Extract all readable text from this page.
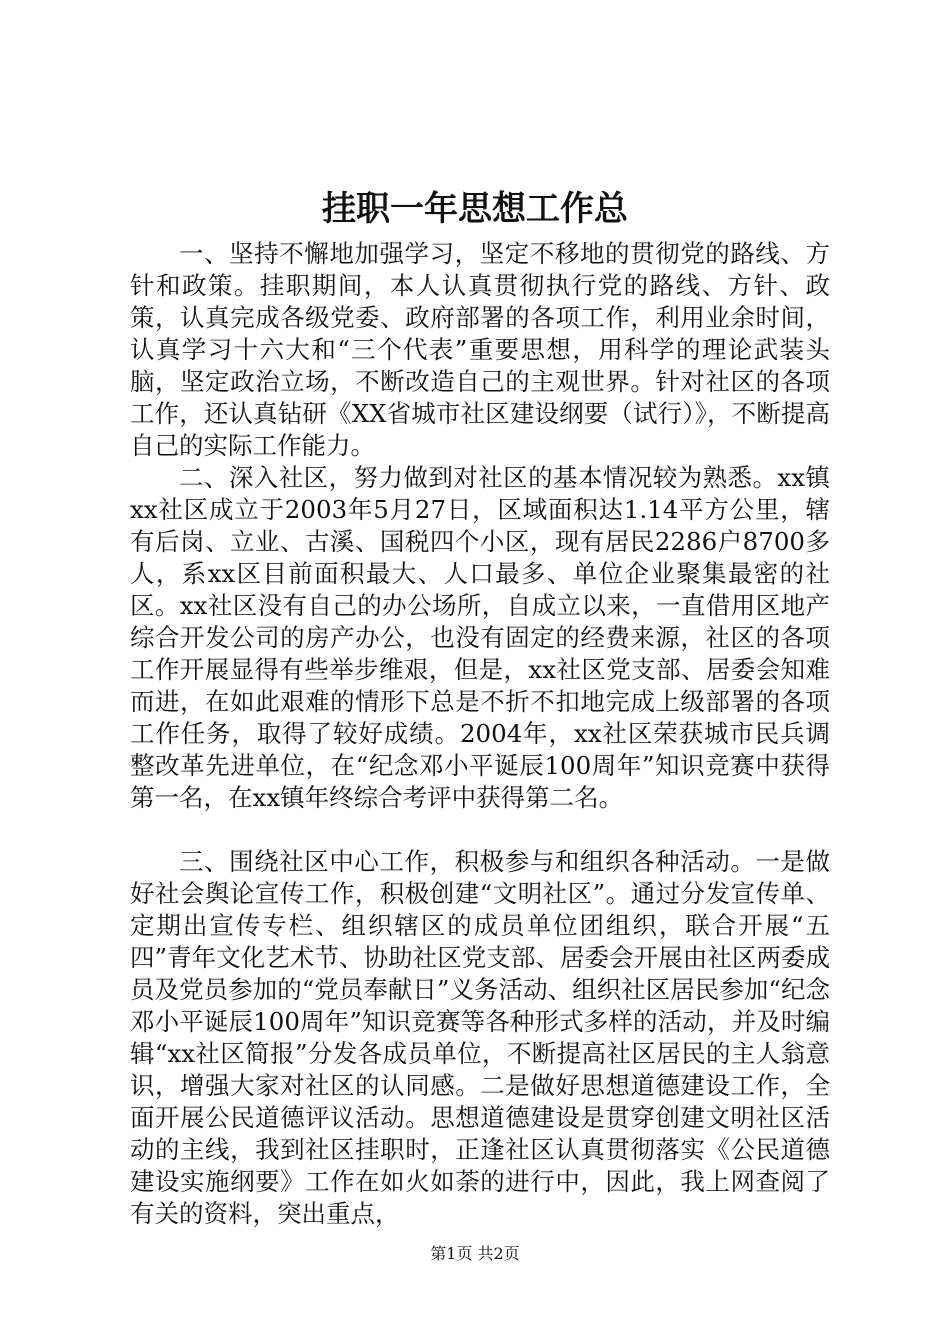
挂职一年思想工作总

一、坚持不懈地加强学习，坚定不移地的贯彻党的路线、方针和政策。挂职期间，本人认真贯彻执行党的路线、方针、政策，认真完成各级党委、政府部署的各项工作，利用业余时间，认真学习十六大和“三个代表”重要思想，用科学的理论武装头脑，坚定政治立场，不断改造自己的主观世界。针对社区的各项工作，还认真钻研《XX省城市社区建设纲要（试行）》，不断提高自己的实际工作能力。

二、深入社区，努力做到对社区的基本情况较为熟悉。xx镇xx社区成立于2003年5月27日，区域面积达1.14平方公里，辖有后岗、立业、古溪、国税四个小区，现有居民2286户8700多人，系xx区目前面积最大、人口最多、单位企业聚集最密的社区。xx社区没有自己的办公场所，自成立以来，一直借用区地产综合开发公司的房产办公，也没有固定的经费来源，社区的各项工作开展显得有些举步维艰，但是，xx社区党支部、居委会知难而进，在如此艰难的情形下总是不折不扣地完成上级部署的各项工作任务，取得了较好成绩。2004年，xx社区荣获城市民兵调整改革先进单位，在“纪念邓小平诞辰100周年”知识竞赛中获得第一名，在xx镇年终综合考评中获得第二名。

三、围绕社区中心工作，积极参与和组织各种活动。一是做好社会舆论宣传工作，积极创建“文明社区”。通过分发宣传单、定期出宣传专栏、组织辖区的成员单位团组织，联合开展“五四”青年文化艺术节、协助社区党支部、居委会开展由社区两委成员及党员参加的“党员奉献日”义务活动、组织社区居民参加“纪念邓小平诞辰100周年”知识竞赛等各种形式多样的活动，并及时编辑“xx社区简报”分发各成员单位，不断提高社区居民的主人翁意识，增强大家对社区的认同感。二是做好思想道德建设工作，全面开展公民道德评议活动。思想道德建设是贯穿创建文明社区活动的主线，我到社区挂职时，正逢社区认真贯彻落实《公民道德建设实施纲要》工作在如火如荼的进行中，因此，我上网查阅了有关的资料，突出重点，

第1页 共2页
